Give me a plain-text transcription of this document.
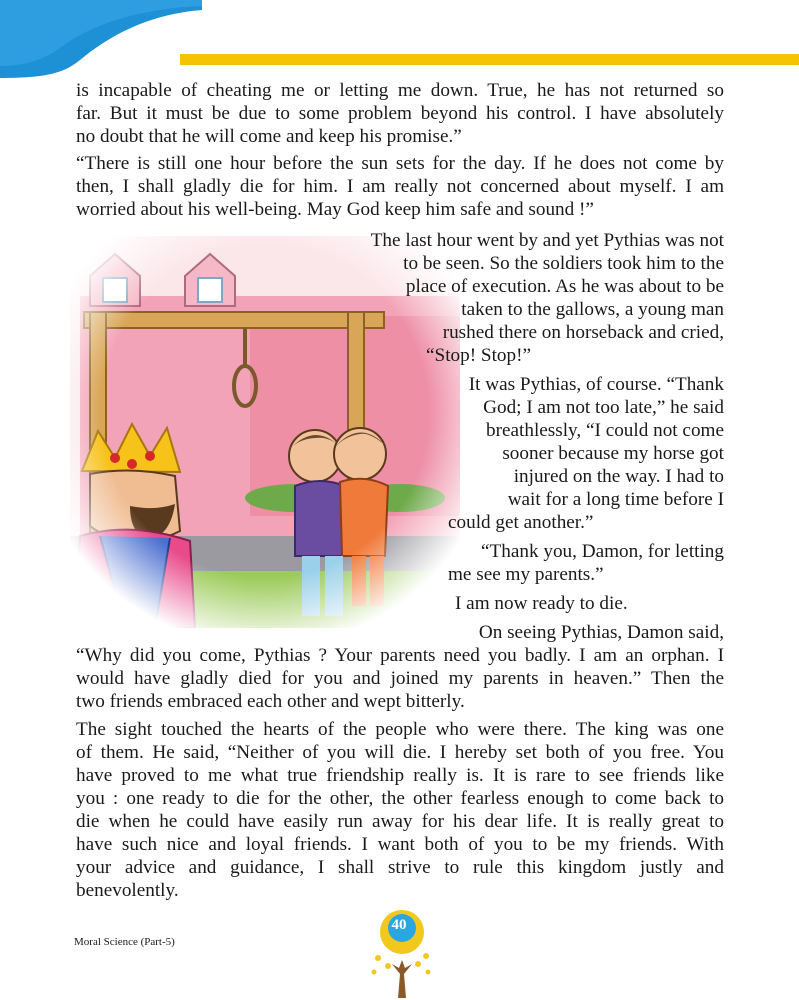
is incapable of cheating me or letting me down. True, he has not returned so
far. But it must be due to some problem beyond his control. I have absolutely
no doubt that he will come and keep his promise.”
“There is still one hour before the sun sets for the day. If he does not come by
then, I shall gladly die for him. I am really not concerned about myself. I am
worried about his well-being. May God keep him safe and sound !”
The last hour went by and yet Pythias was not
to be seen. So the soldiers took him to the
place of execution. As he was about to be
taken to the gallows, a young man
rushed there on horseback and cried,
“Stop! Stop!”
It was Pythias, of course. “Thank
God; I am not too late,” he said
breathlessly, “I could not come
sooner because my horse got
injured on the way. I had to
wait for a long time before I
could get another.”
“Thank you, Damon, for letting
me see my parents.”
I am now ready to die.
On seeing Pythias, Damon said,
“Why did you come, Pythias ? Your parents need you badly. I am an orphan. I
would have gladly died for you and joined my parents in heaven.” Then the
two friends embraced each other and wept bitterly.
The sight touched the hearts of the people who were there. The king was one
of them. He said, “Neither of you will die. I hereby set both of you free. You
have proved to me what true friendship really is. It is rare to see friends like
you : one ready to die for the other, the other fearless enough to come back to
die when he could have easily run away for his dear life. It is really great to
have such nice and loyal friends. I want both of you to be my friends. With
your advice and guidance, I shall strive to rule this kingdom justly and
benevolently.
Moral Science (Part-5)
40
